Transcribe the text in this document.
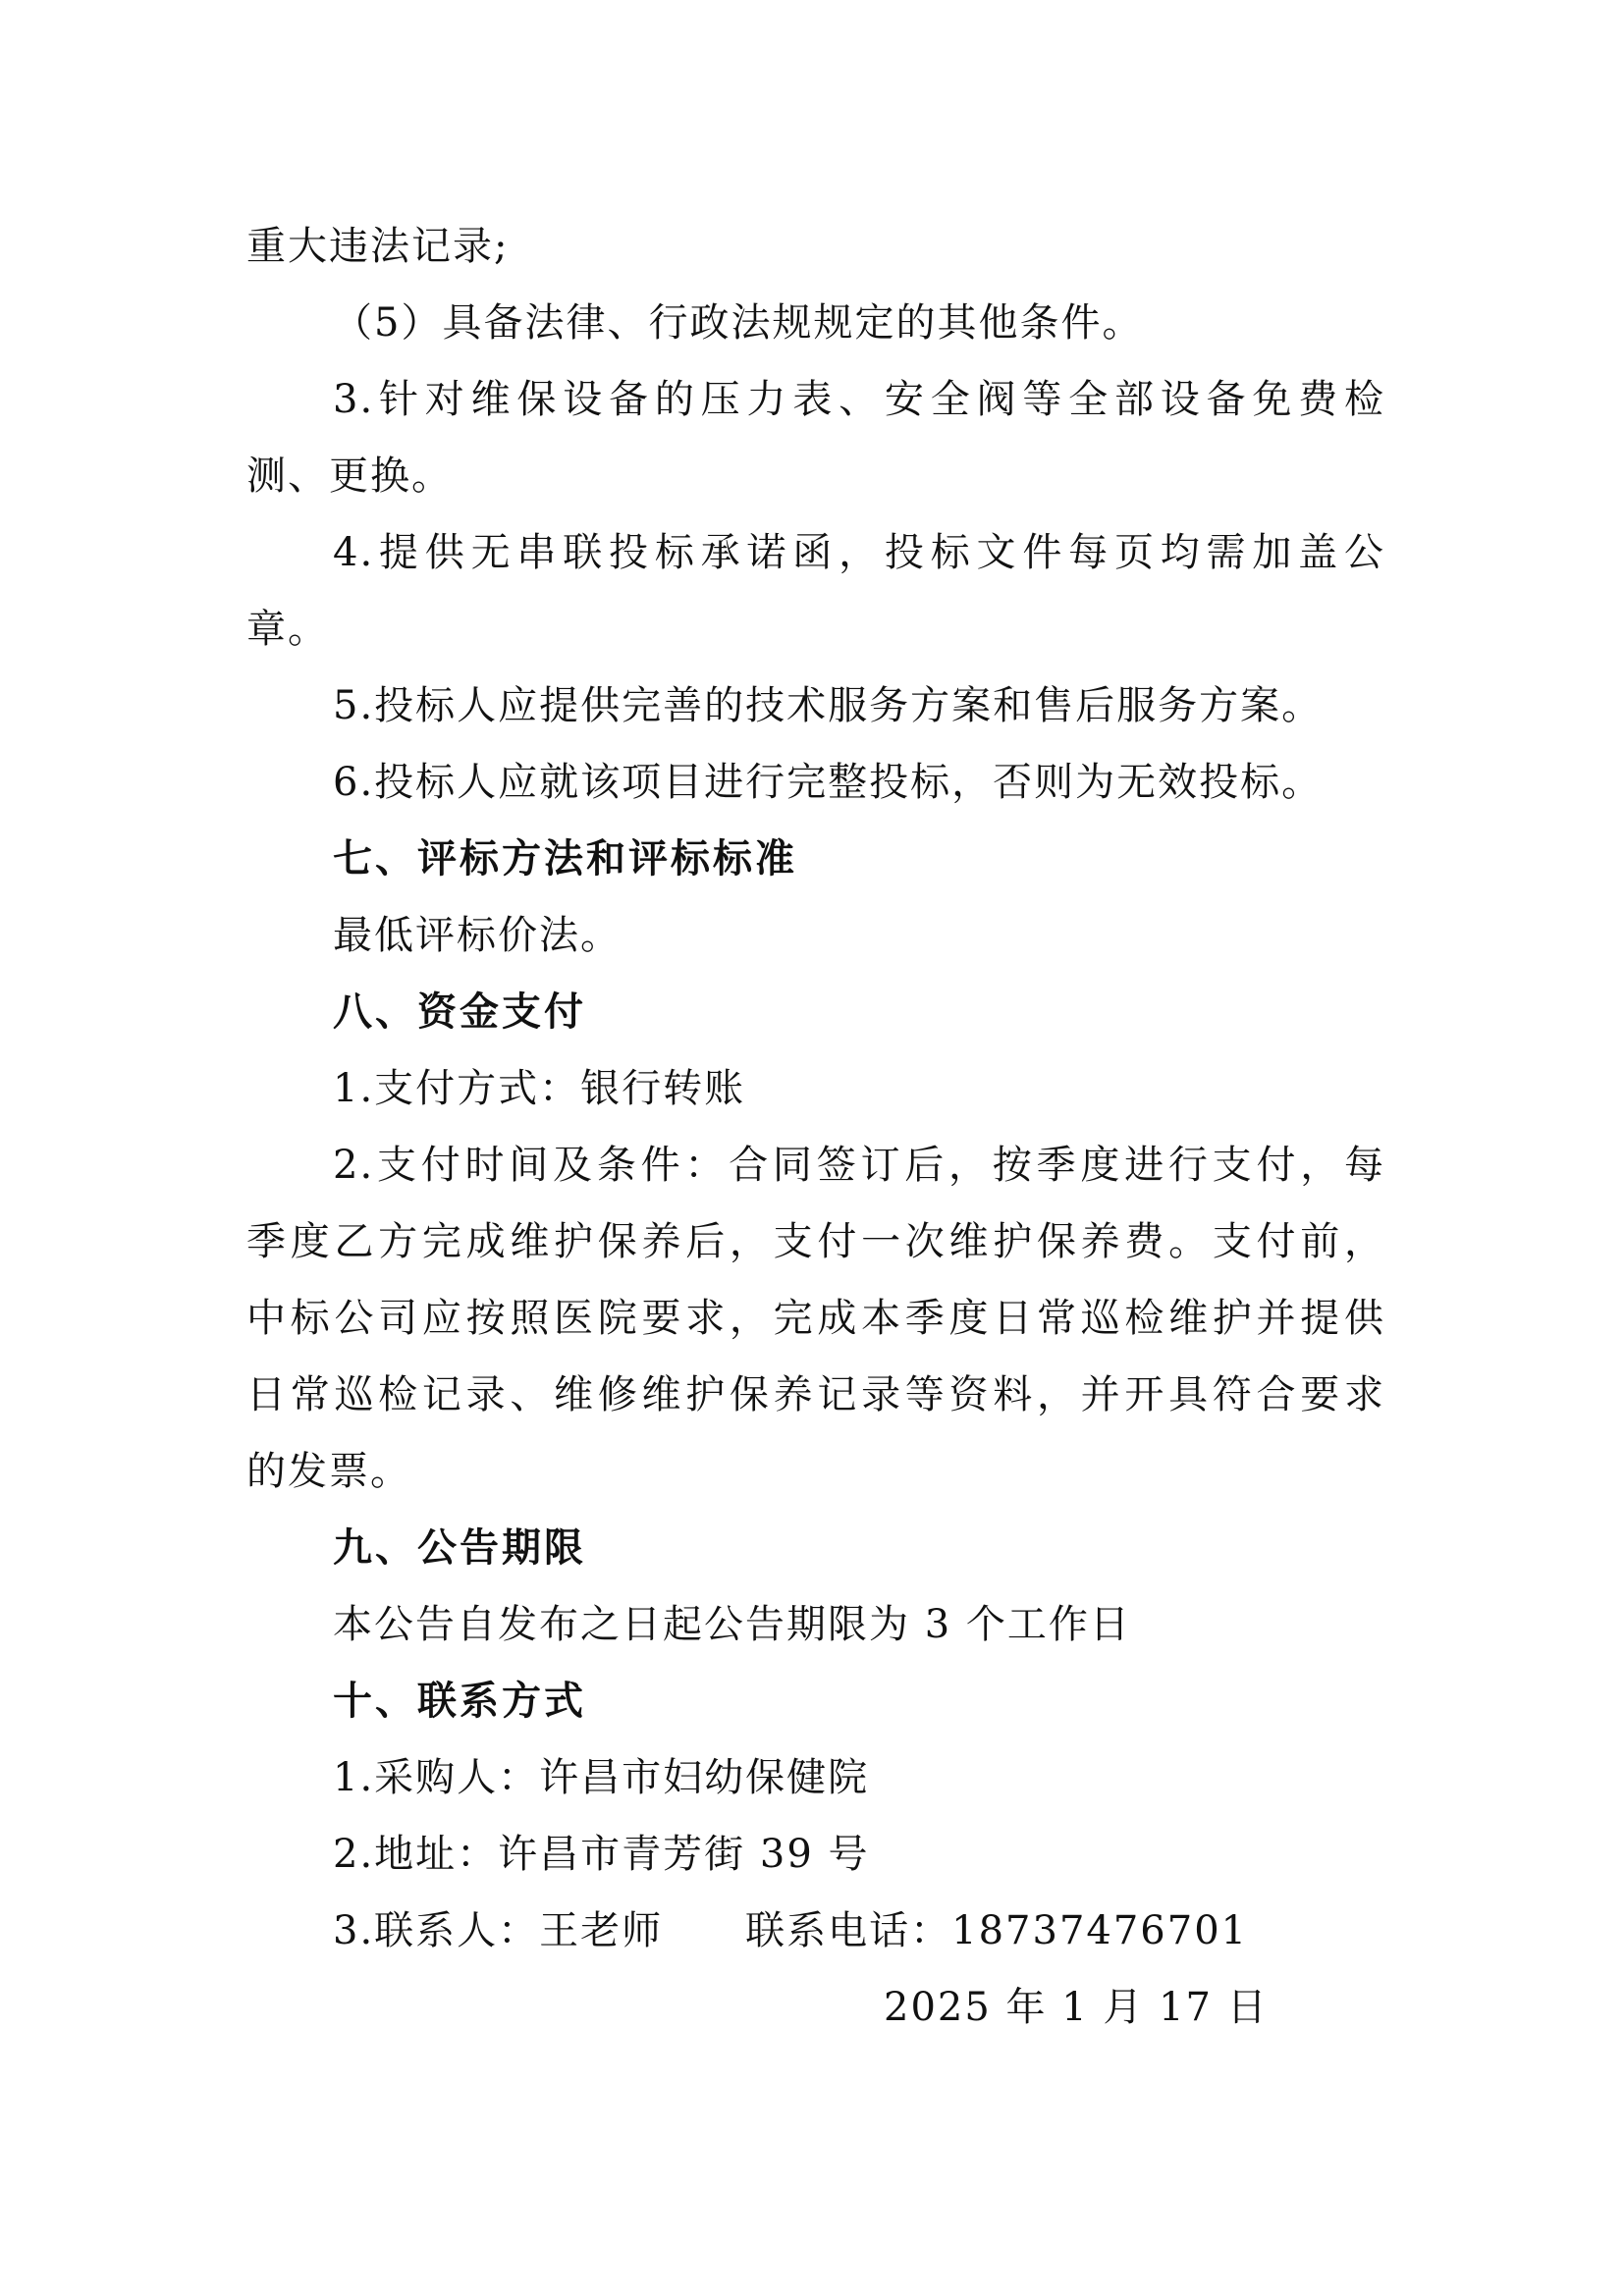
重大违法记录;
（5）具备法律、行政法规规定的其他条件。
3.针对维保设备的压力表、安全阀等全部设备免费检
测、更换。
4.提供无串联投标承诺函，投标文件每页均需加盖公
章。
5.投标人应提供完善的技术服务方案和售后服务方案。
6.投标人应就该项目进行完整投标，否则为无效投标。
七、评标方法和评标标准
最低评标价法。
八、资金支付
1.支付方式：银行转账
2.支付时间及条件：合同签订后，按季度进行支付，每
季度乙方完成维护保养后，支付一次维护保养费。支付前，
中标公司应按照医院要求，完成本季度日常巡检维护并提供
日常巡检记录、维修维护保养记录等资料，并开具符合要求
的发票。
九、公告期限
本公告自发布之日起公告期限为 3 个工作日
十、联系方式
1.采购人：许昌市妇幼保健院
2.地址：许昌市青芳街 39 号
3.联系人：王老师　　联系电话：18737476701
2025 年 1 月 17 日
